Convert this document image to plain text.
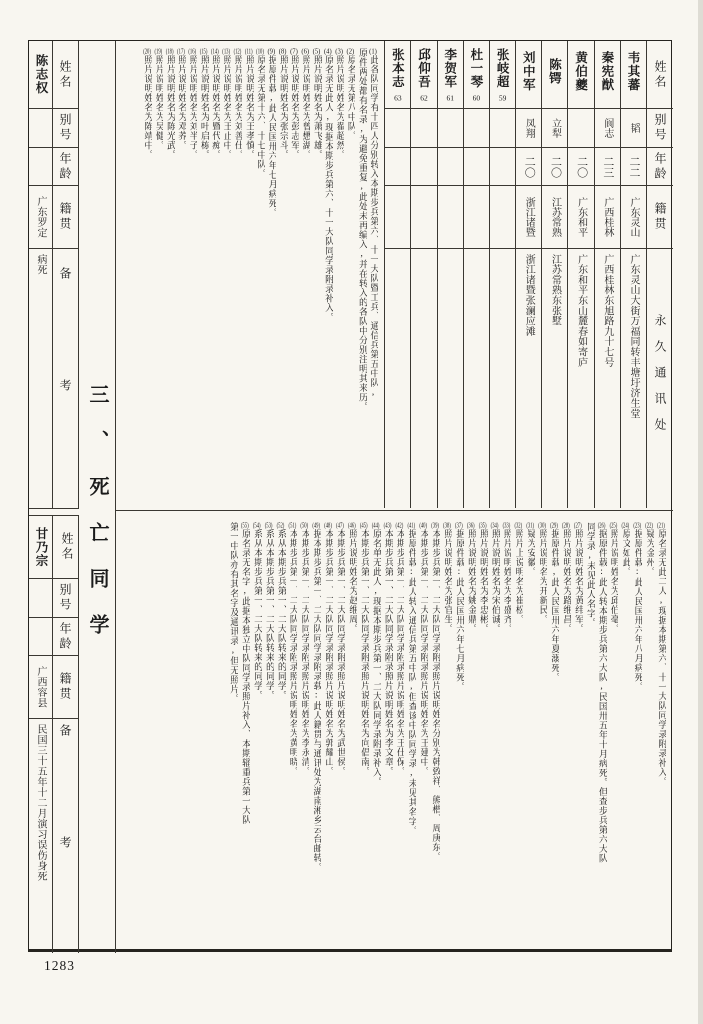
陈志权
广东罗定
病死
姓名
别号
年龄
籍贯
备考
甘乃宗
广西容县
民国三十五年十二月演习误伤身死
姓名
别号
年龄
籍贯
备考
三、死亡同学
(1)此各队同学有十四人分别转入本期步兵第六、十一大队暨工兵、通信兵第五中队,
原件两处都有名录,为避免重复,此处未再编入,并在转入的各队中分别注明其来历。
(2)原名录无第八中队。
(3)照片说明姓名为翟超然。
(4)原名录无此人,现据本期步兵第六、十一大队同学录附录补入。
(5)照片说明姓名为萧飞雄。
(6)照片说明姓名为曾懋湖。
(7)照片说明姓名为彭志军。
(8)照片说明姓名为张宗斗。
(9)据原件载,此人民国卅六年七月病死。
(10)原名录无第十六、十七中队。
(11)照片说明姓名为王孝慎。
(12)照片说明姓名为刘善仕。
(13)照片说明姓名为王止中。
(14)照片说明姓名为暨代痴。
(15)照片说明姓名为叶启栋。
(16)照片说明姓名为刘半子。
(17)照片说明姓名为邓荞。
(18)照片说明姓名为陈光武。
(19)照片说明姓名为吴健。
(20)照片说明姓名为陈靖中。	韦其蕃
韬
二二
广东灵山
广东灵山大街万福同转丰塘圩济生堂
秦宪猷
阆志
二三
广西桂林
广西桂林东旭路九十七号
黄伯夔
二〇
广东和平
广东和平东山麓春如寄庐
陈锷
立犁
二〇
江苏常熟
江苏常熟东张墅
刘中军
凤翔
二〇
浙江诸暨
浙江诸暨张澜应滩
张岐超59
杜一琴60
李贺军61
邱仰吾62
张本志63
姓名
别号
年龄
籍贯
永久通讯处
(21)原名录无此二人,现据本期第六、十一大队同学录附录补入。
(22)疑为金州。
(23)据原件载:此人民国卅六年八月病死。
(24)原文如此。
(25)照片说明姓名为邱伯毫。
(26)据原件载:此人转本期步兵第六大队,民国卅五年十月病死。但查步兵第六大队
同学录,未见此人名字。
(27)照片说明姓名为黄纬军。
(28)照片说明姓名为路维昌。
(29)据原件载,此人民国卅六年夏溺死。
(30)照片说明名为开新民。
(31)疑为安徽。
(32)照片上说明名为崔松。
(33)照片说明姓名为李盛齐。
(34)照片说明姓名为宋伯诚。
(35)照片说明姓名为李忠彬。
(36)照片说明姓名为姚金鼎。
(37)据原件载:此人民国卅六年七月病死。
(38)照片说明姓名为张官生。
(39)本期步兵第一、二大队同学录附录照片说明姓名分别为韩致祥、熊楷、周庚东。
(40)本期步兵第一、二大队同学录附录照片说明姓名为王建中。
(41)据原件载:此人转入通信兵第五中队,但查该中队同学录,未见其名字。
(42)本期步兵第一、二大队同学录附录照片说明姓名为王仕保。
(43)本期步兵第一、二大队同学录附录照片说明姓名为李文章。
(44)原名单无此人,现据本期步兵第一、二大队同学录附录补入。
(45)本期步兵第一、二大队同学录附录照片说明姓名为向倡南。
(46)照片说明姓名为赵维周。
(47)本期步兵第一、二大队同学录附录照片说明姓名为武世侯。
(48)本期步兵第一、二大队同学录附录照片说明姓名为郭耀山。
(49)据本期步兵第一、二大队同学录附录载:此人籍贯与通讯处为湖南湘乡云台邮转。
(50)本期步兵第一、二大队同学录附录照片说明姓名为李永清。
(51)本期步兵第一、二大队同学录附录照片说明姓名为黄明晓。
(52)系从本期步兵第一、二大队转来的同学。
(53)系从本期步兵第一、二大队转来的同学。
(54)系从本期步兵第一、二大队转来的同学。
(55)原名录无名字,此据本独立中队同学录照片补入、本期辎重兵第一大队
第一中队亦有其名字及通讯录,但无照片。
1283
